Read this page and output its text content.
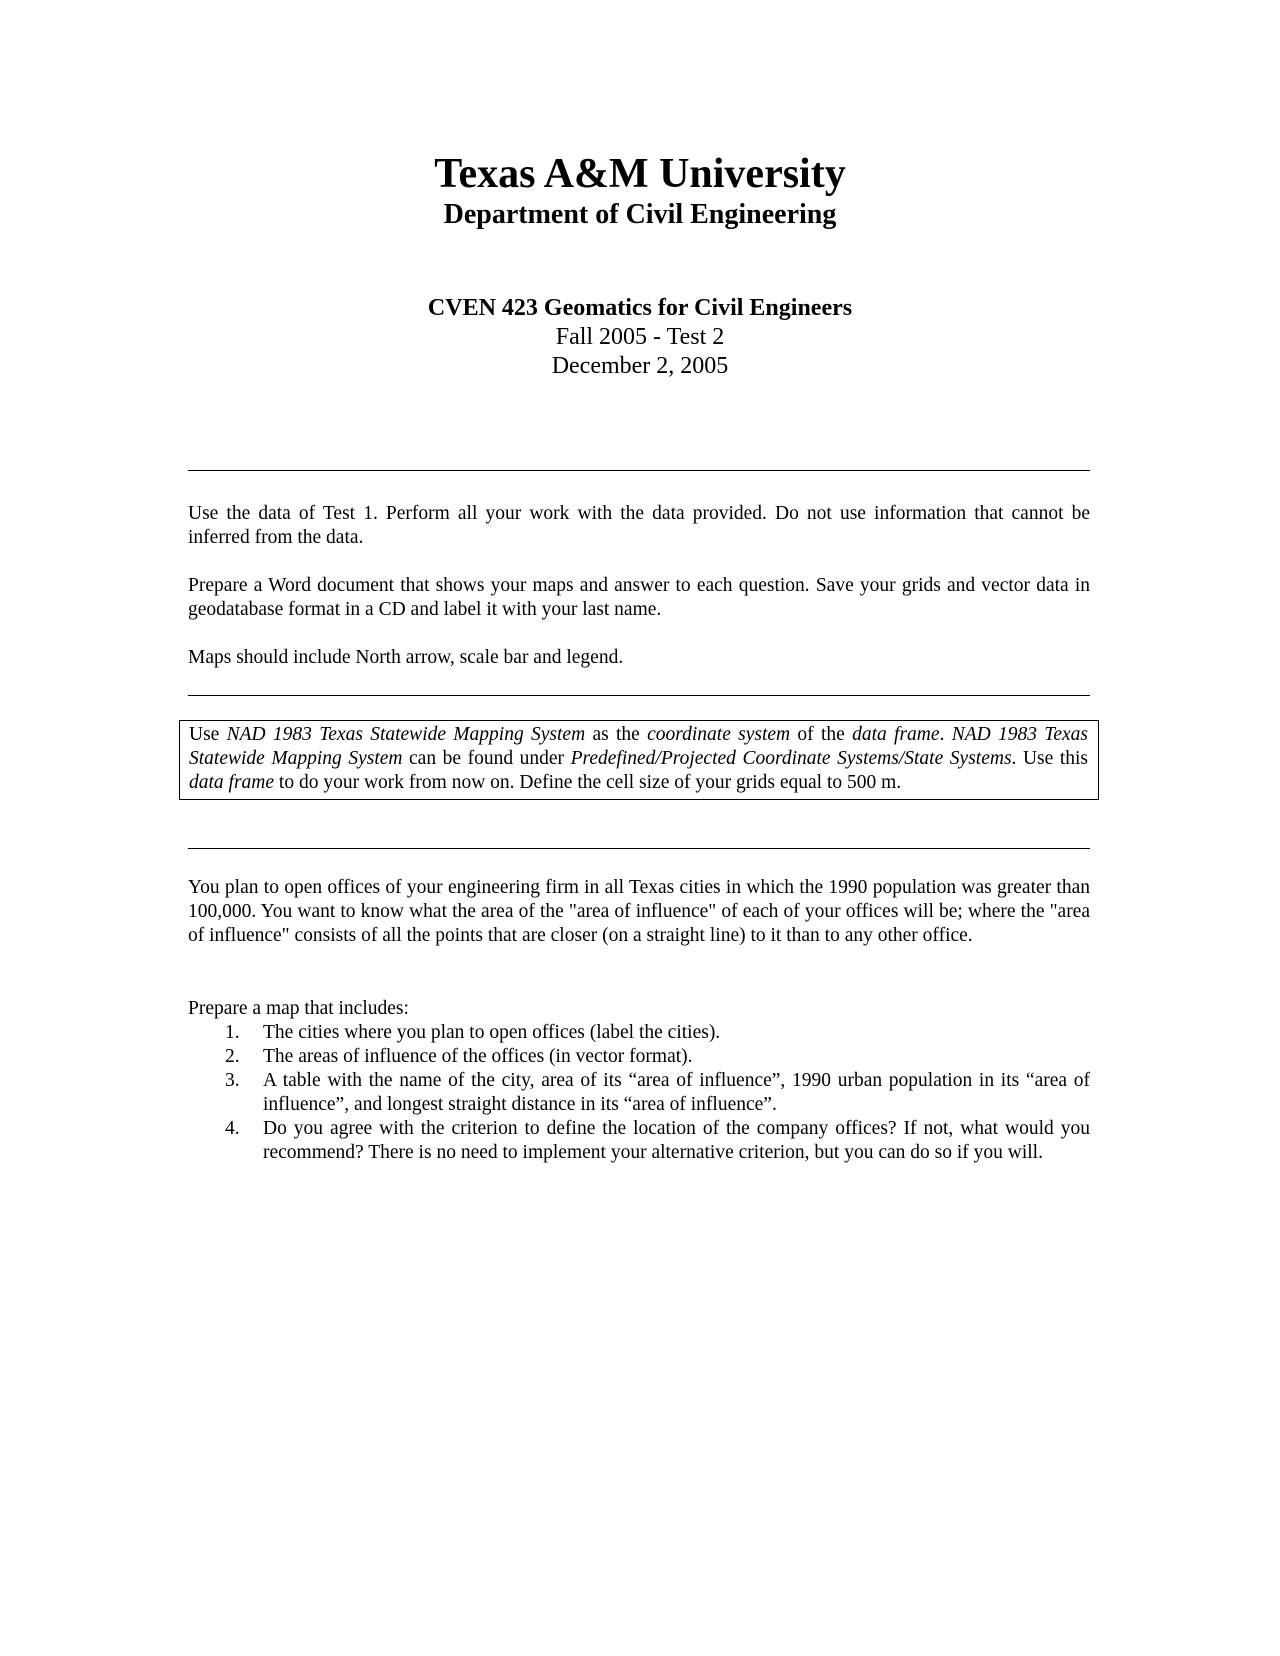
Texas A&M University
Department of Civil Engineering
CVEN 423 Geomatics for Civil Engineers
Fall 2005 - Test 2
December 2, 2005

Use the data of Test 1. Perform all your work with the data provided. Do not use information that cannot be inferred from the data.

Prepare a Word document that shows your maps and answer to each question. Save your grids and vector data in geodatabase format in a CD and label it with your last name.

Maps should include North arrow, scale bar and legend.

Use NAD 1983 Texas Statewide Mapping System as the coordinate system of the data frame. NAD 1983 Texas Statewide Mapping System can be found under Predefined/Projected Coordinate Systems/State Systems. Use this data frame to do your work from now on. Define the cell size of your grids equal to 500 m.

You plan to open offices of your engineering firm in all Texas cities in which the 1990 population was greater than 100,000. You want to know what the area of the "area of influence" of each of your offices will be; where the "area of influence" consists of all the points that are closer (on a straight line) to it than to any other office.

Prepare a map that includes:

1. The cities where you plan to open offices (label the cities).
2. The areas of influence of the offices (in vector format).
3. A table with the name of the city, area of its “area of influence”, 1990 urban population in its “area of influence”, and longest straight distance in its “area of influence”.
4. Do you agree with the criterion to define the location of the company offices? If not, what would you recommend? There is no need to implement your alternative criterion, but you can do so if you will.
